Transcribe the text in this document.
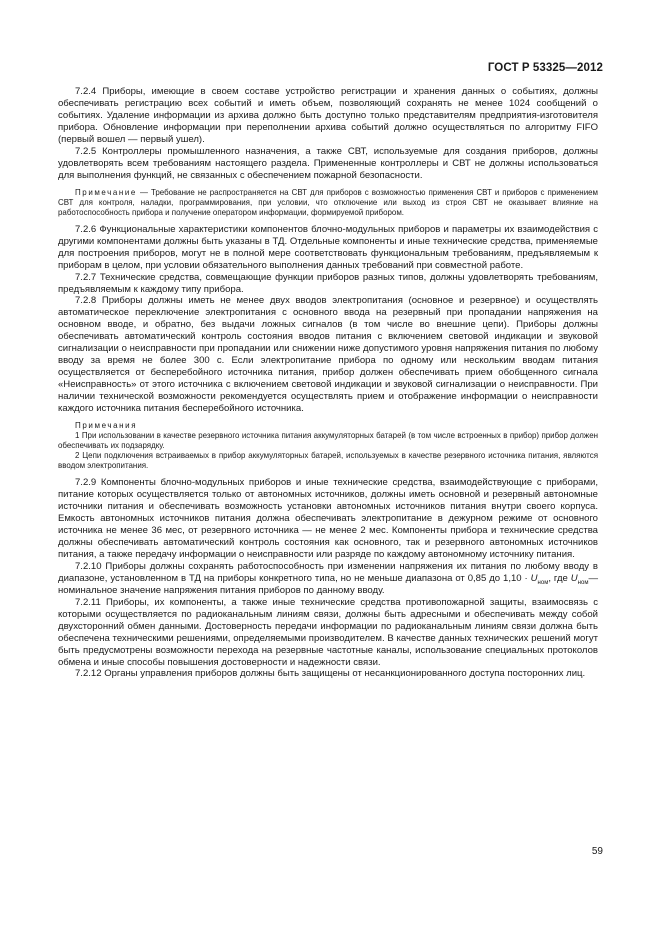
ГОСТ Р 53325—2012

7.2.4 Приборы, имеющие в своем составе устройство регистрации и хранения данных о событиях, должны обеспечивать регистрацию всех событий и иметь объем, позволяющий сохранять не менее 1024 сообщений о событиях. Удаление информации из архива должно быть доступно только представителям предприятия-изготовителя прибора. Обновление информации при переполнении архива событий должно осуществляться по алгоритму FIFO (первый вошел — первый ушел).

7.2.5 Контроллеры промышленного назначения, а также СВТ, используемые для создания приборов, должны удовлетворять всем требованиям настоящего раздела. Примененные контроллеры и СВТ не должны использоваться для выполнения функций, не связанных с обеспечением пожарной безопасности.

Примечание — Требование не распространяется на СВТ для приборов с возможностью применения СВТ и приборов с применением СВТ для контроля, наладки, программирования, при условии, что отключение или выход из строя СВТ не оказывает влияние на работоспособность прибора и получение оператором информации, формируемой прибором.

7.2.6 Функциональные характеристики компонентов блочно-модульных приборов и параметры их взаимодействия с другими компонентами должны быть указаны в ТД. Отдельные компоненты и иные технические средства, применяемые для построения приборов, могут не в полной мере соответствовать функциональным требованиям, предъявляемым к приборам в целом, при условии обязательного выполнения данных требований при совместной работе.

7.2.7 Технические средства, совмещающие функции приборов разных типов, должны удовлетворять требованиям, предъявляемым к каждому типу прибора.

7.2.8 Приборы должны иметь не менее двух вводов электропитания (основное и резервное) и осуществлять автоматическое переключение электропитания с основного ввода на резервный при пропадании напряжения на основном вводе, и обратно, без выдачи ложных сигналов (в том числе во внешние цепи). Приборы должны обеспечивать автоматический контроль состояния вводов питания с включением световой индикации и звуковой сигнализации о неисправности при пропадании или снижении ниже допустимого уровня напряжения питания по любому вводу за время не более 300 с. Если электропитание прибора по одному или нескольким вводам питания осуществляется от бесперебойного источника питания, прибор должен обеспечивать прием обобщенного сигнала «Неисправность» от этого источника с включением световой индикации и звуковой сигнализации о неисправности. При наличии технической возможности рекомендуется осуществлять прием и отображение информации о неисправности каждого источника питания бесперебойного источника.

Примечания

1 При использовании в качестве резервного источника питания аккумуляторных батарей (в том числе встроенных в прибор) прибор должен обеспечивать их подзарядку.

2 Цепи подключения встраиваемых в прибор аккумуляторных батарей, используемых в качестве резервного источника питания, являются вводом электропитания.

7.2.9 Компоненты блочно-модульных приборов и иные технические средства, взаимодействующие с приборами, питание которых осуществляется только от автономных источников, должны иметь основной и резервный автономные источники питания и обеспечивать возможность установки автономных источников питания внутри своего корпуса. Емкость автономных источников питания должна обеспечивать электропитание в дежурном режиме от основного источника не менее 36 мес, от резервного источника — не менее 2 мес. Компоненты прибора и технические средства должны обеспечивать автоматический контроль состояния как основного, так и резервного автономных источников питания, а также передачу информации о неисправности или разряде по каждому автономному источнику питания.

7.2.10 Приборы должны сохранять работоспособность при изменении напряжения их питания по любому вводу в диапазоне, установленном в ТД на приборы конкретного типа, но не меньше диапазона от 0,85 до $1,10 \cdot U_{ном}$, где $U_{ном}—$ номинальное значение напряжения питания приборов по данному вводу.

7.2.11 Приборы, их компоненты, а также иные технические средства противопожарной защиты, взаимосвязь с которыми осуществляется по радиоканальным линиям связи, должны быть адресными и обеспечивать между собой двухсторонний обмен данными. Достоверность передачи информации по радиоканальным линиям связи должна быть обеспечена техническими решениями, определяемыми производителем. В качестве данных технических решений могут быть предусмотрены возможности перехода на резервные частотные каналы, использование специальных протоколов обмена и иные способы повышения достоверности и надежности связи.

7.2.12 Органы управления приборов должны быть защищены от несанкционированного доступа посторонних лиц.

59
